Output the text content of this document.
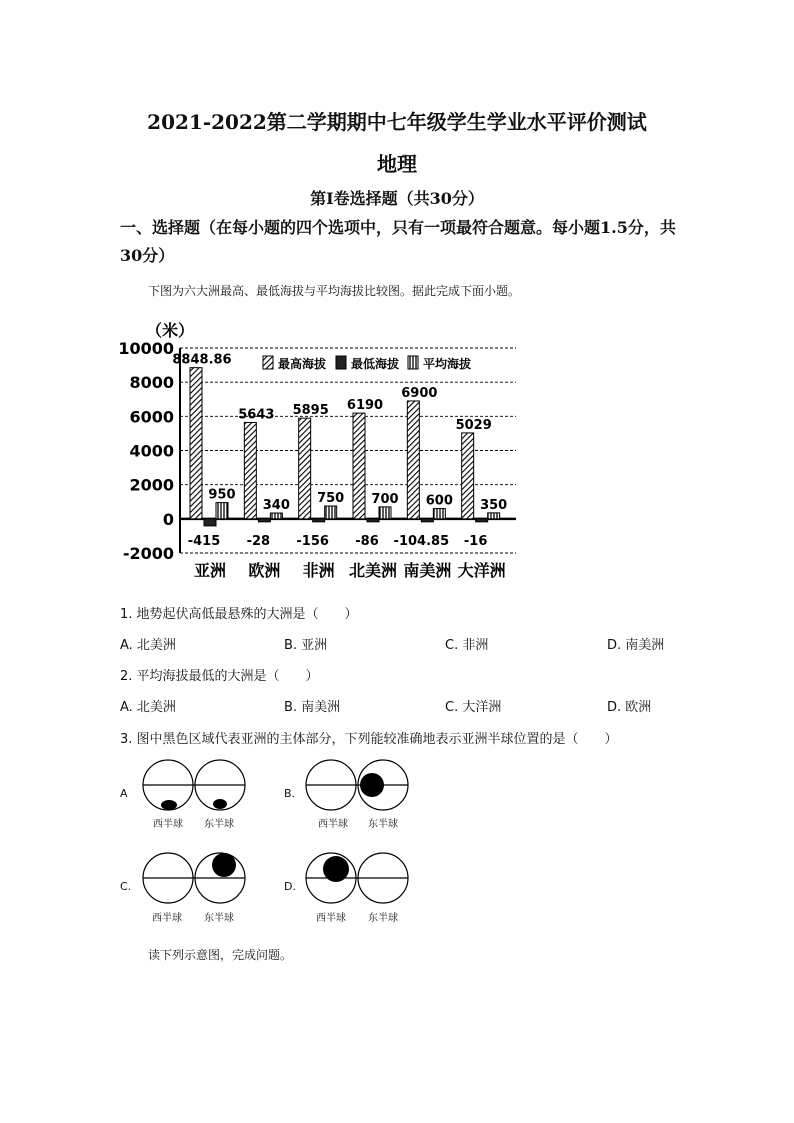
2021-2022第二学期期中七年级学生学业水平评价测试
地理
第Ⅰ卷选择题（共30分）
一、选择题（在每小题的四个选项中，只有一项最符合题意。每小题1.5分，共30分）
下图为六大洲最高、最低海拔与平均海拔比较图。据此完成下面小题。
（米）
10000
8000
6000
4000
2000
0
-2000
8848.86
-415
950
亚洲
5643
-28
340
欧洲
5895
-156
750
非洲
6190
-86
700
北美洲
6900
-104.85
600
南美洲
5029
-16
350
大洋洲
最高海拔 最低海拔 平均海拔
1. 地势起伏高低最悬殊的大洲是（　　）
A. 北美洲	B. 亚洲	C. 非洲	D. 南美洲
2. 平均海拔最低的大洲是（　　）
A. 北美洲	B. 南美洲	C. 大洋洲	D. 欧洲
3. 图中黑色区域代表亚洲的主体部分，下列能较准确地表示亚洲半球位置的是（　　）
A
西半球 东半球
B.
西半球 东半球
C.
西半球 东半球
D.
西半球 东半球
读下列示意图，完成问题。
